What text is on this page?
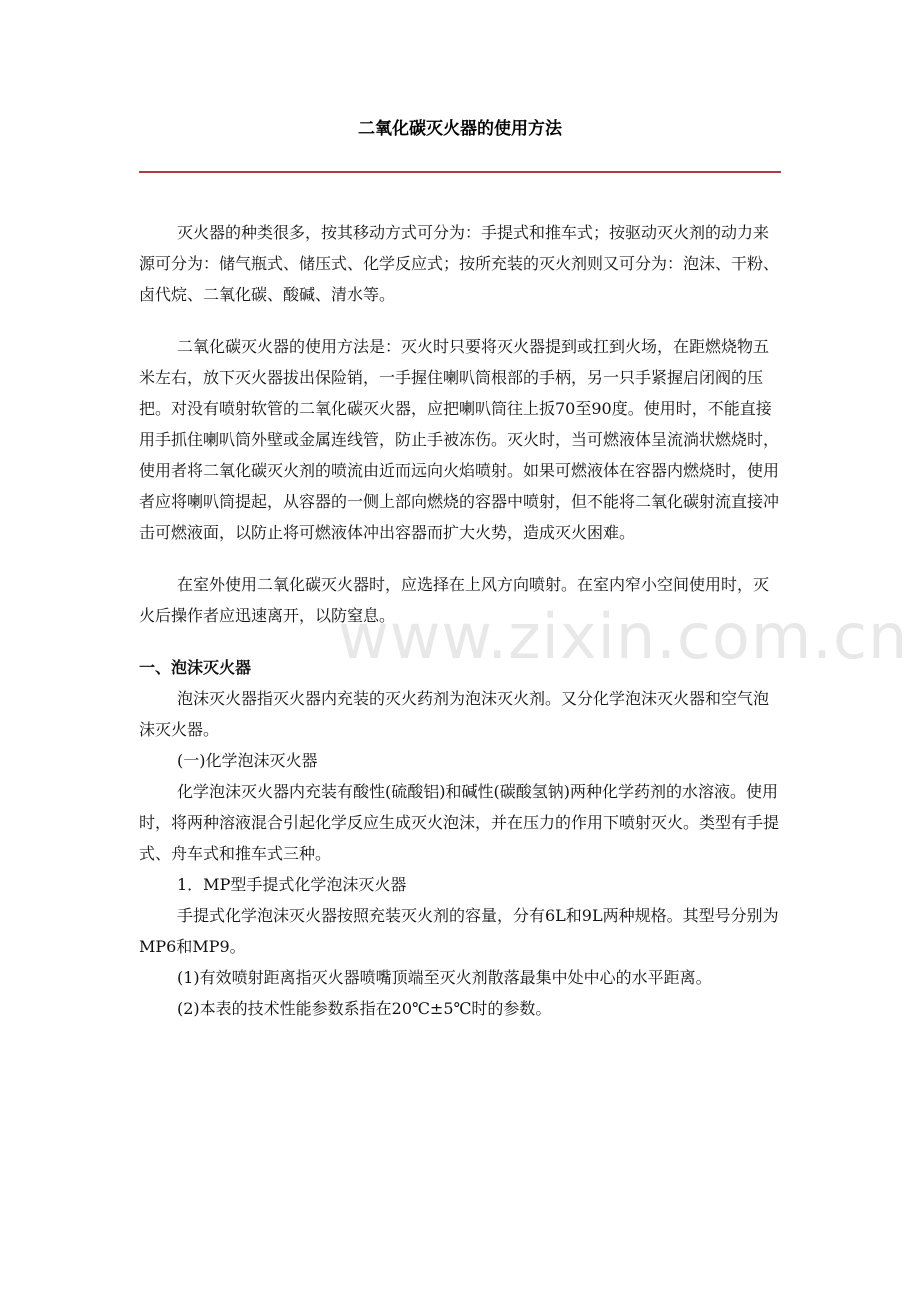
二氧化碳灭火器的使用方法

灭火器的种类很多，按其移动方式可分为：手提式和推车式；按驱动灭火剂的动力来源可分为：储气瓶式、储压式、化学反应式；按所充装的灭火剂则又可分为：泡沫、干粉、卤代烷、二氧化碳、酸碱、清水等。

二氧化碳灭火器的使用方法是：灭火时只要将灭火器提到或扛到火场，在距燃烧物五米左右，放下灭火器拔出保险销，一手握住喇叭筒根部的手柄，另一只手紧握启闭阀的压把。对没有喷射软管的二氧化碳灭火器，应把喇叭筒往上扳70至90度。使用时，不能直接用手抓住喇叭筒外壁或金属连线管，防止手被冻伤。灭火时，当可燃液体呈流淌状燃烧时，使用者将二氧化碳灭火剂的喷流由近而远向火焰喷射。如果可燃液体在容器内燃烧时，使用者应将喇叭筒提起，从容器的一侧上部向燃烧的容器中喷射，但不能将二氧化碳射流直接冲击可燃液面，以防止将可燃液体冲出容器而扩大火势，造成灭火困难。

在室外使用二氧化碳灭火器时，应选择在上风方向喷射。在室内窄小空间使用时，灭火后操作者应迅速离开，以防窒息。

一、泡沫灭火器

泡沫灭火器指灭火器内充装的灭火药剂为泡沫灭火剂。又分化学泡沫灭火器和空气泡沫灭火器。

(一)化学泡沫灭火器

化学泡沫灭火器内充装有酸性(硫酸铝)和碱性(碳酸氢钠)两种化学药剂的水溶液。使用时，将两种溶液混合引起化学反应生成灭火泡沫，并在压力的作用下喷射灭火。类型有手提式、舟车式和推车式三种。

1．MP型手提式化学泡沫灭火器

手提式化学泡沫灭火器按照充装灭火剂的容量，分有6L和9L两种规格。其型号分别为MP6和MP9。

(1)有效喷射距离指灭火器喷嘴顶端至灭火剂散落最集中处中心的水平距离。

(2)本表的技术性能参数系指在20℃±5℃时的参数。

www.zixin.com.cn
